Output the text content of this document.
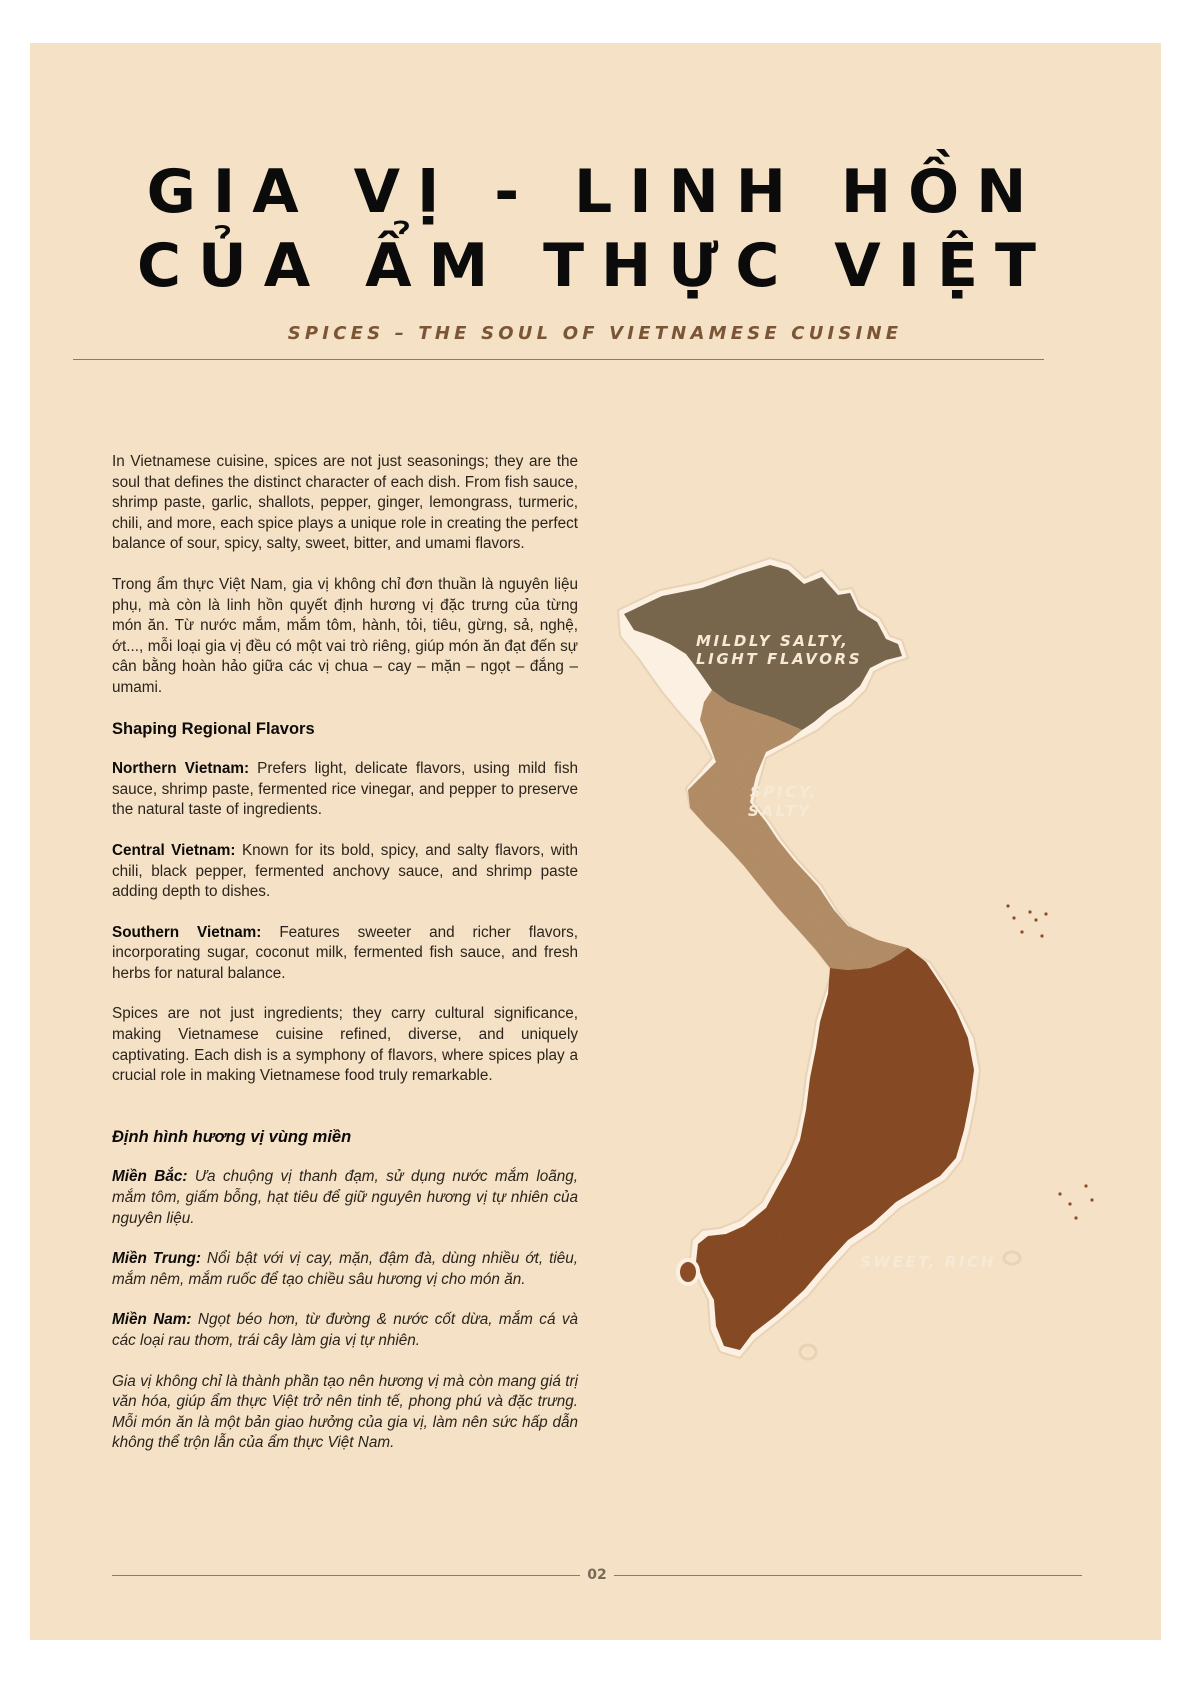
GIA VỊ - LINH HỒN
CỦA ẨM THỰC VIỆT
SPICES – THE SOUL OF VIETNAMESE CUISINE

In Vietnamese cuisine, spices are not just seasonings; they are the soul that defines the distinct character of each dish. From fish sauce, shrimp paste, garlic, shallots, pepper, ginger, lemongrass, turmeric, chili, and more, each spice plays a unique role in creating the perfect balance of sour, spicy, salty, sweet, bitter, and umami flavors.

Trong ẩm thực Việt Nam, gia vị không chỉ đơn thuần là nguyên liệu phụ, mà còn là linh hồn quyết định hương vị đặc trưng của từng món ăn. Từ nước mắm, mắm tôm, hành, tỏi, tiêu, gừng, sả, nghệ, ớt..., mỗi loại gia vị đều có một vai trò riêng, giúp món ăn đạt đến sự cân bằng hoàn hảo giữa các vị chua – cay – mặn – ngọt – đắng – umami.

Shaping Regional Flavors

Northern Vietnam: Prefers light, delicate flavors, using mild fish sauce, shrimp paste, fermented rice vinegar, and pepper to preserve the natural taste of ingredients.

Central Vietnam: Known for its bold, spicy, and salty flavors, with chili, black pepper, fermented anchovy sauce, and shrimp paste adding depth to dishes.

Southern Vietnam: Features sweeter and richer flavors, incorporating sugar, coconut milk, fermented fish sauce, and fresh herbs for natural balance.

Spices are not just ingredients; they carry cultural significance, making Vietnamese cuisine refined, diverse, and uniquely captivating. Each dish is a symphony of flavors, where spices play a crucial role in making Vietnamese food truly remarkable.

Định hình hương vị vùng miền

Miền Bắc: Ưa chuộng vị thanh đạm, sử dụng nước mắm loãng, mắm tôm, giấm bỗng, hạt tiêu để giữ nguyên hương vị tự nhiên của nguyên liệu.

Miền Trung: Nổi bật với vị cay, mặn, đậm đà, dùng nhiều ớt, tiêu, mắm nêm, mắm ruốc để tạo chiều sâu hương vị cho món ăn.

Miền Nam: Ngọt béo hơn, từ đường & nước cốt dừa, mắm cá và các loại rau thơm, trái cây làm gia vị tự nhiên.

Gia vị không chỉ là thành phần tạo nên hương vị mà còn mang giá trị văn hóa, giúp ẩm thực Việt trở nên tinh tế, phong phú và đặc trưng. Mỗi món ăn là một bản giao hưởng của gia vị, làm nên sức hấp dẫn không thể trộn lẫn của ẩm thực Việt Nam.

MILDLY SALTY,
LIGHT FLAVORS
SPICY,
SALTY
SWEET, RICH
02
